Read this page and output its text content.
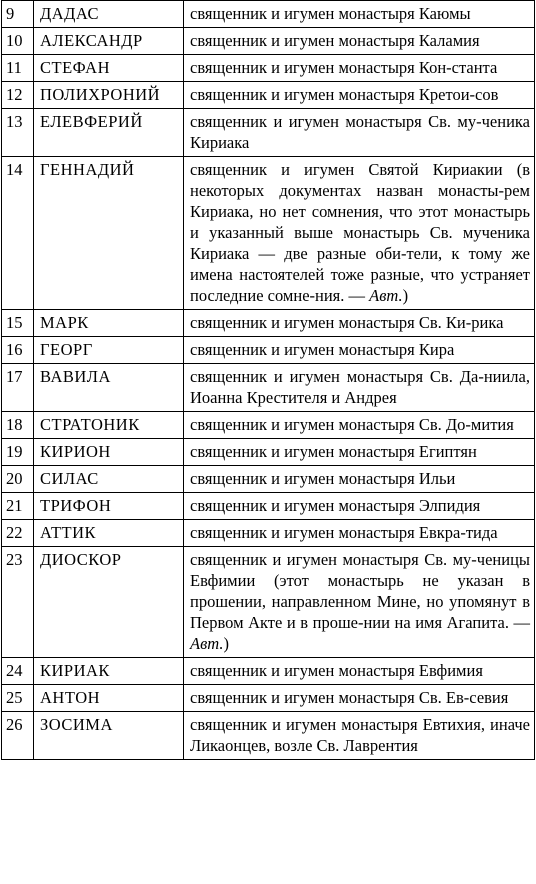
9	ДАДАС	священник и игумен монастыря Каюмы
10	АЛЕКСАНДР	священник и игумен монастыря Каламия
11	СТЕФАН	священник и игумен монастыря Кон-станта
12	ПОЛИХРОНИЙ	священник и игумен монастыря Кретои-сов
13	ЕЛЕВФЕРИЙ	священник и игумен монастыря Св. му-ченика Кириака
14	ГЕННАДИЙ	священник и игумен Святой Кириакии (в некоторых документах назван монасты-рем Кириака, но нет сомнения, что этот монастырь и указанный выше монастырь Св. мученика Кириака — две разные оби-тели, к тому же имена настоятелей тоже разные, что устраняет последние сомне-ния. — Авт.)
15	МАРК	священник и игумен монастыря Св. Ки-рика
16	ГЕОРГ	священник и игумен монастыря Кира
17	ВАВИЛА	священник и игумен монастыря Св. Да-ниила, Иоанна Крестителя и Андрея
18	СТРАТОНИК	священник и игумен монастыря Св. До-мития
19	КИРИОН	священник и игумен монастыря Египтян
20	СИЛАС	священник и игумен монастыря Ильи
21	ТРИФОН	священник и игумен монастыря Элпидия
22	АТТИК	священник и игумен монастыря Евкра-тида
23	ДИОСКОР	священник и игумен монастыря Св. му-ченицы Евфимии (этот монастырь не указан в прошении, направленном Мине, но упомянут в Первом Акте и в проше-нии на имя Агапита. — Авт.)
24	КИРИАК	священник и игумен монастыря Евфимия
25	АНТОН	священник и игумен монастыря Св. Ев-севия
26	ЗОСИМА	священник и игумен монастыря Евтихия, иначе Ликаонцев, возле Св. Лаврентия
